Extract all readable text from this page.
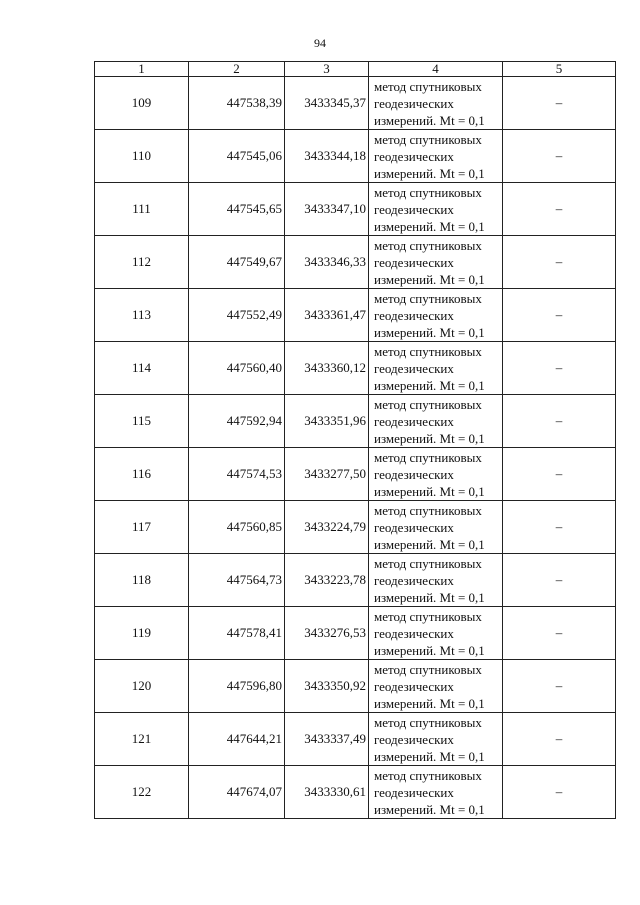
94
1	2	3	4	5
109	447538,39	3433345,37	метод спутниковых
геодезических
измерений. Mt = 0,1	–
110	447545,06	3433344,18	метод спутниковых
геодезических
измерений. Mt = 0,1	–
111	447545,65	3433347,10	метод спутниковых
геодезических
измерений. Mt = 0,1	–
112	447549,67	3433346,33	метод спутниковых
геодезических
измерений. Mt = 0,1	–
113	447552,49	3433361,47	метод спутниковых
геодезических
измерений. Mt = 0,1	–
114	447560,40	3433360,12	метод спутниковых
геодезических
измерений. Mt = 0,1	–
115	447592,94	3433351,96	метод спутниковых
геодезических
измерений. Mt = 0,1	–
116	447574,53	3433277,50	метод спутниковых
геодезических
измерений. Mt = 0,1	–
117	447560,85	3433224,79	метод спутниковых
геодезических
измерений. Mt = 0,1	–
118	447564,73	3433223,78	метод спутниковых
геодезических
измерений. Mt = 0,1	–
119	447578,41	3433276,53	метод спутниковых
геодезических
измерений. Mt = 0,1	–
120	447596,80	3433350,92	метод спутниковых
геодезических
измерений. Mt = 0,1	–
121	447644,21	3433337,49	метод спутниковых
геодезических
измерений. Mt = 0,1	–
122	447674,07	3433330,61	метод спутниковых
геодезических
измерений. Mt = 0,1	–
